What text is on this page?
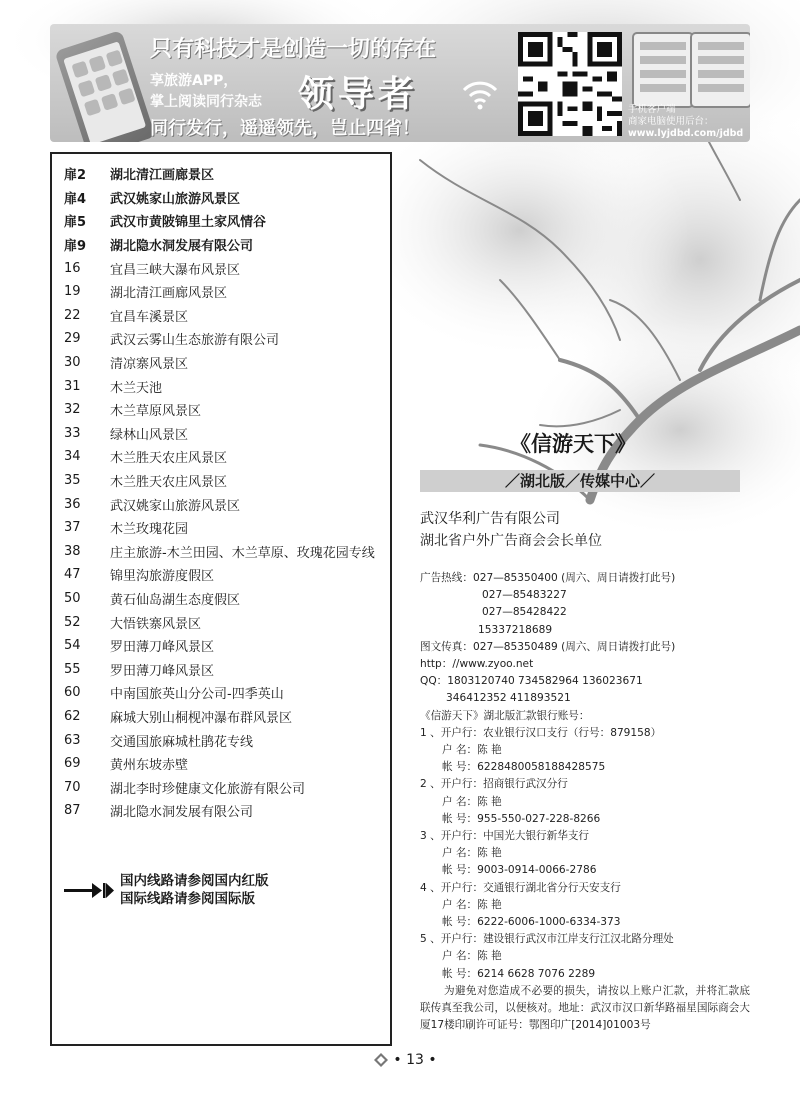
只有科技才是创造一切的存在
享旅游APP，
掌上阅读同行杂志 领导者
同行发行，遥遥领先，岂止四省！
手机客户端
商家电脑使用后台：
www.lyjdbd.com/jdbd
扉2	湖北清江画廊景区
扉4	武汉姚家山旅游风景区
扉5	武汉市黄陂锦里土家风情谷
扉9	湖北隐水洞发展有限公司
16	宜昌三峡大瀑布风景区
19	湖北清江画廊风景区
22	宜昌车溪景区
29	武汉云雾山生态旅游有限公司
30	清凉寨风景区
31	木兰天池
32	木兰草原风景区
33	绿林山风景区
34	木兰胜天农庄风景区
35	木兰胜天农庄风景区
36	武汉姚家山旅游风景区
37	木兰玫瑰花园
38	庄主旅游-木兰田园、木兰草原、玫瑰花园专线
47	锦里沟旅游度假区
50	黄石仙岛湖生态度假区
52	大悟铁寨风景区
54	罗田薄刀峰风景区
55	罗田薄刀峰风景区
60	中南国旅英山分公司-四季英山
62	麻城大别山桐枧冲瀑布群风景区
63	交通国旅麻城杜鹃花专线
69	黄州东坡赤壁
70	湖北李时珍健康文化旅游有限公司
87	湖北隐水洞发展有限公司
国内线路请参阅国内红版
国际线路请参阅国际版
《信游天下》
／湖北版／传媒中心／
武汉华利广告有限公司
湖北省户外广告商会会长单位
广告热线：027—85350400 (周六、周日请拨打此号)
027—85483227
027—85428422
15337218689
图文传真：027—85350489 (周六、周日请拨打此号)
http：//www.zyoo.net
QQ：1803120740 734582964 136023671
346412352 411893521
《信游天下》湖北版汇款银行账号：
1 、开户行：农业银行汉口支行（行号：879158）
户 名：陈 艳
帐 号：6228480058188428575
2 、开户行：招商银行武汉分行
户 名：陈 艳
帐 号：955-550-027-228-8266
3 、开户行：中国光大银行新华支行
户 名：陈 艳
帐 号：9003-0914-0066-2786
4 、开户行：交通银行湖北省分行天安支行
户 名：陈 艳
帐 号：6222-6006-1000-6334-373
5 、开户行：建设银行武汉市江岸支行江汉北路分理处
户 名：陈 艳
帐 号：6214 6628 7076 2289
为避免对您造成不必要的损失，请按以上账户汇款，并将汇款底联传真至我公司，以便核对。地址：武汉市汉口新华路福星国际商会大厦17楼印刷许可证号：鄂图印广[2014]01003号
• 13 •
